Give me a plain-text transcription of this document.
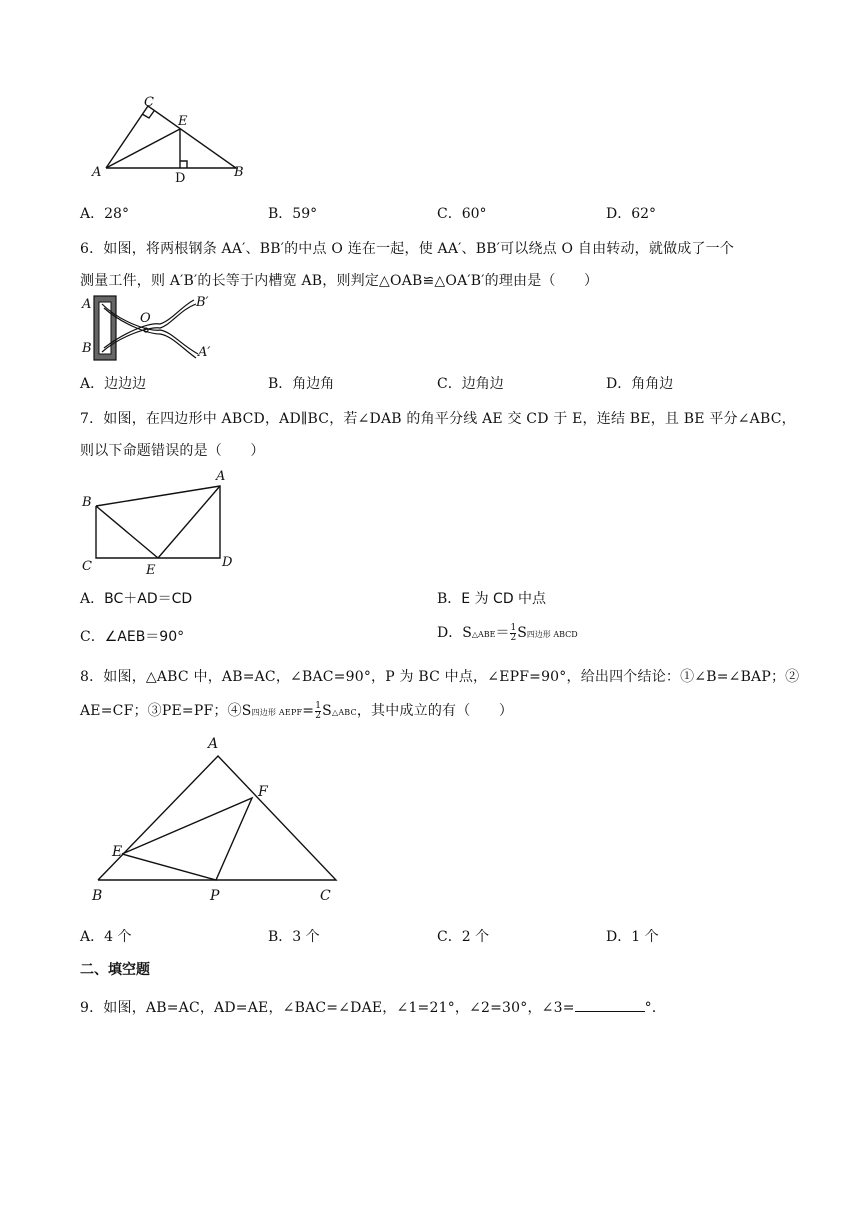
C
E
A	D	B
A．28°	B．59°	C．60°	D．62°
6．如图，将两根钢条 AA′、BB′的中点 O 连在一起，使 AA′、BB′可以绕点 O 自由转动，就做成了一个
测量工件，则 A′B′的长等于内槽宽 AB，则判定△OAB≌△OA′B′的理由是（　　）
A
B
O
B′
A′
A．边边边	B．角边角	C．边角边	D．角角边
7．如图，在四边形中 ABCD，AD∥BC，若∠DAB 的角平分线 AE 交 CD 于 E，连结 BE，且 BE 平分∠ABC，
则以下命题错误的是（　　）
A
B
C	E
D
A．BC＋AD＝CD	B．E 为 CD 中点
C．∠AEB＝90°	D．S△ABE＝ $\frac{1}{2}$ S四边形 ABCD
8．如图，△ABC 中，AB=AC，∠BAC=90°，P 为 BC 中点，∠EPF=90°，给出四个结论：①∠B=∠BAP；②
AE=CF；③PE=PF；④S四边形 AEPF= $\frac{1}{2}$ S△ABC，其中成立的有（　　）
A
F
E
B	P	C
A．4 个	B．3 个	C．2 个	D．1 个
二、填空题
9．如图，AB=AC，AD=AE，∠BAC=∠DAE，∠1=21°，∠2=30°，∠3=	°．
